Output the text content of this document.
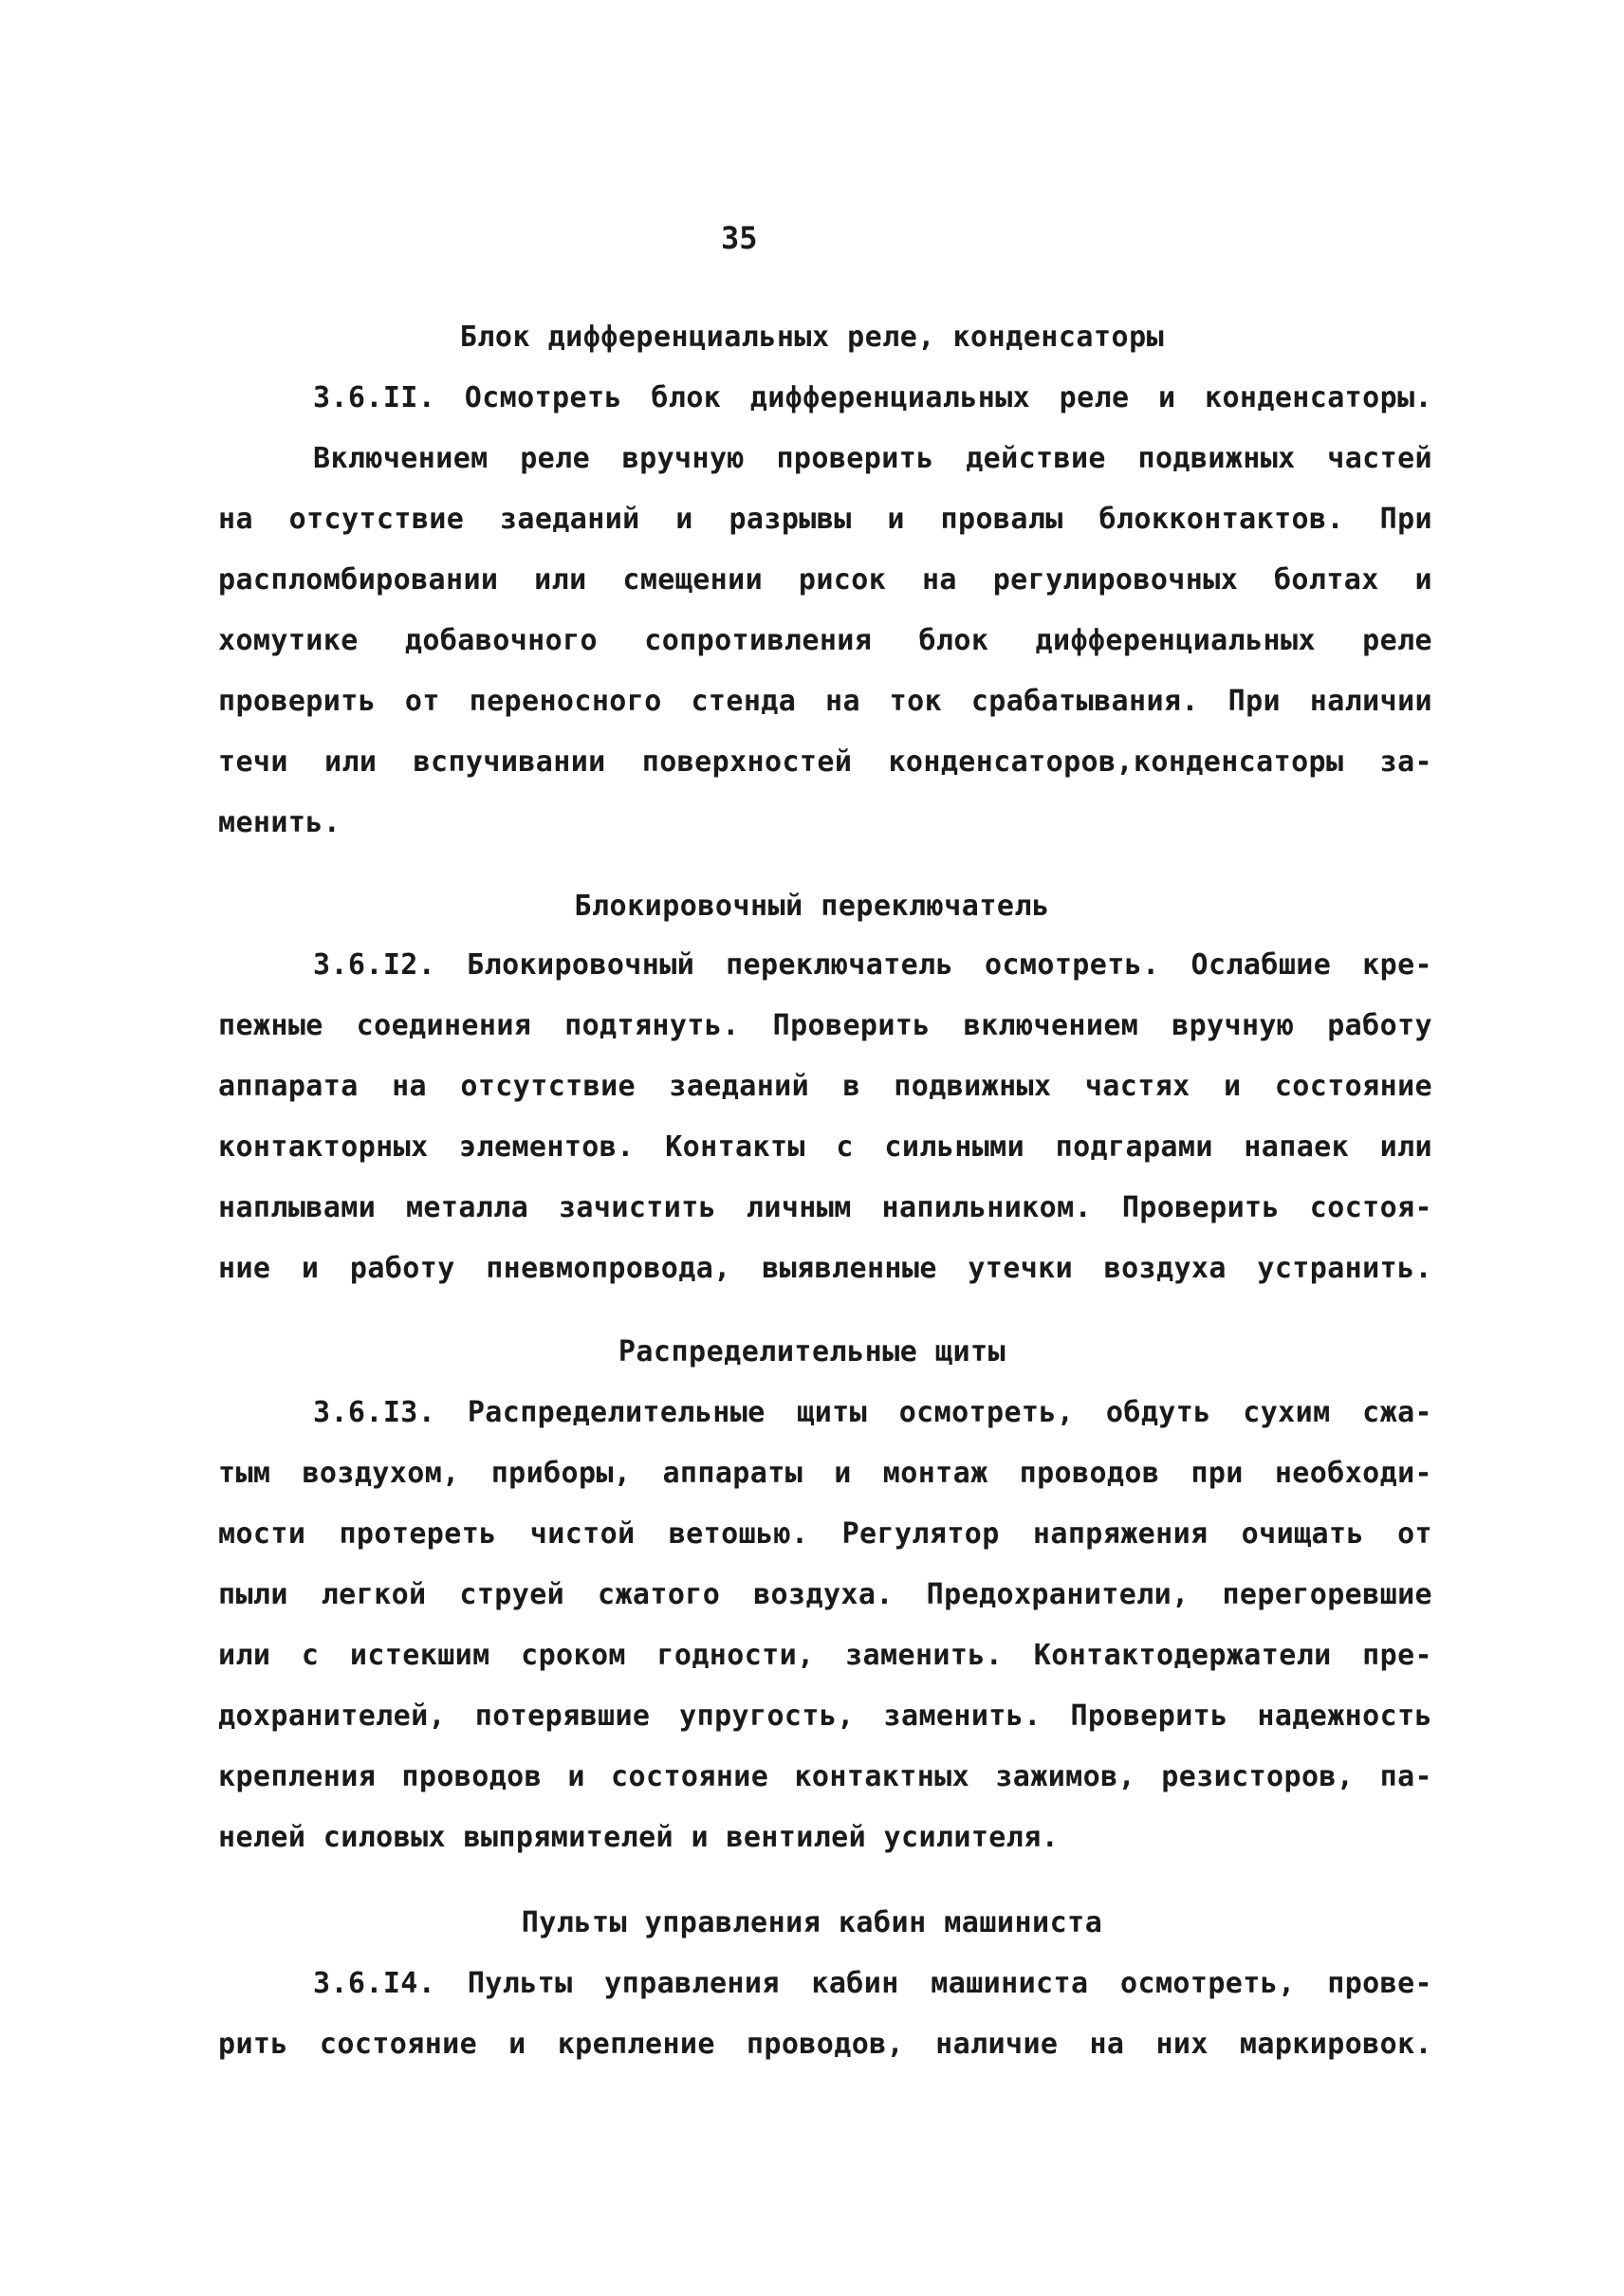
35
Блок дифференциальных реле, конденсаторы
3.6.II. Осмотреть блок дифференциальных реле и конденсаторы.
Включением реле вручную проверить действие подвижных частей
на отсутствие заеданий и разрывы и провалы блокконтактов. При
распломбировании или смещении рисок на регулировочных болтах и
хомутике добавочного сопротивления блок дифференциальных реле
проверить от переносного стенда на ток срабатывания. При наличии
течи или вспучивании поверхностей конденсаторов,конденсаторы за-
менить.
Блокировочный переключатель
3.6.I2. Блокировочный переключатель осмотреть. Ослабшие кре-
пежные соединения подтянуть. Проверить включением вручную работу
аппарата на отсутствие заеданий в подвижных частях и состояние
контакторных элементов. Контакты с сильными подгарами напаек или
наплывами металла зачистить личным напильником. Проверить состоя-
ние и работу пневмопровода, выявленные утечки воздуха устранить.
Распределительные щиты
3.6.I3. Распределительные щиты осмотреть, обдуть сухим сжа-
тым воздухом, приборы, аппараты и монтаж проводов при необходи-
мости протереть чистой ветошью. Регулятор напряжения очищать от
пыли легкой струей сжатого воздуха. Предохранители, перегоревшие
или с истекшим сроком годности, заменить. Контактодержатели пре-
дохранителей, потерявшие упругость, заменить. Проверить надежность
крепления проводов и состояние контактных зажимов, резисторов, па-
нелей силовых выпрямителей и вентилей усилителя.
Пульты управления кабин машиниста
3.6.I4. Пульты управления кабин машиниста осмотреть, прове-
рить состояние и крепление проводов, наличие на них маркировок.
